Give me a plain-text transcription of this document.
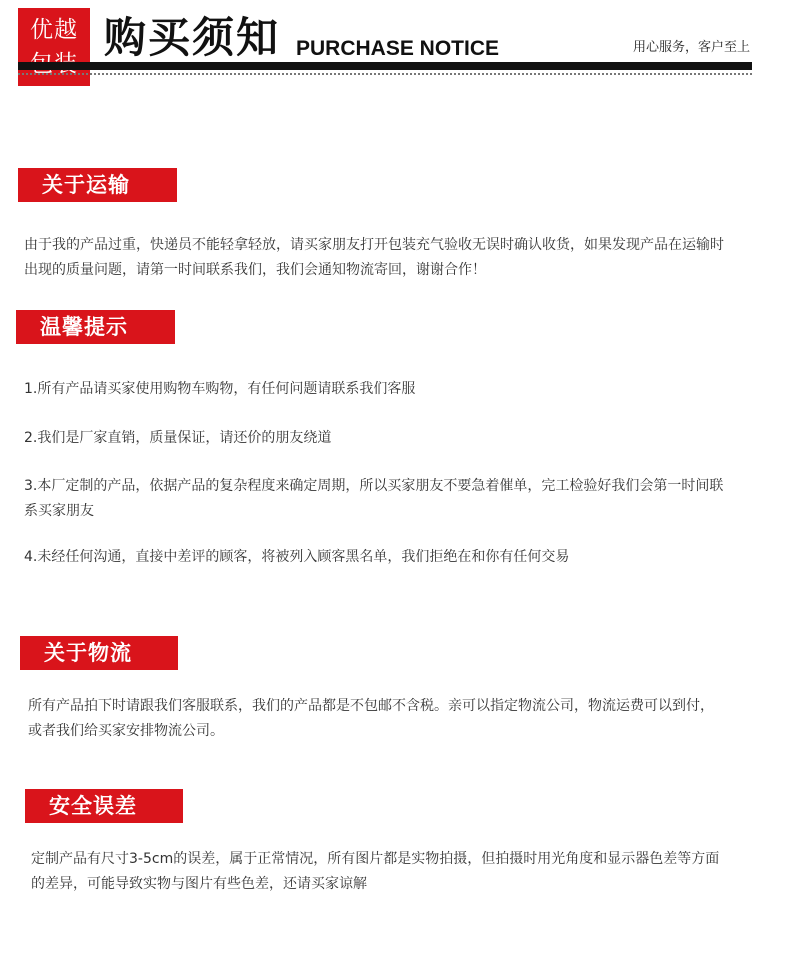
优越 购买须知 PURCHASE NOTICE	用心服务，客户至上
关于运输
由于我的产品过重，快递员不能轻拿轻放，请买家朋友打开包装充气验收无误时确认收货，如果发现产品在运输时出现的质量问题，请第一时间联系我们，我们会通知物流寄回，谢谢合作！
温馨提示
1.所有产品请买家使用购物车购物，有任何问题请联系我们客服
2.我们是厂家直销，质量保证，请还价的朋友绕道
3.本厂定制的产品，依据产品的复杂程度来确定周期，所以买家朋友不要急着催单，完工检验好我们会第一时间联系买家朋友
4.未经任何沟通，直接中差评的顾客，将被列入顾客黑名单，我们拒绝在和你有任何交易
关于物流
所有产品拍下时请跟我们客服联系，我们的产品都是不包邮不含税。亲可以指定物流公司，物流运费可以到付，或者我们给买家安排物流公司。
安全误差
定制产品有尺寸3-5cm的误差，属于正常情况，所有图片都是实物拍摄，但拍摄时用光角度和显示器色差等方面的差异，可能导致实物与图片有些色差，还请买家谅解
